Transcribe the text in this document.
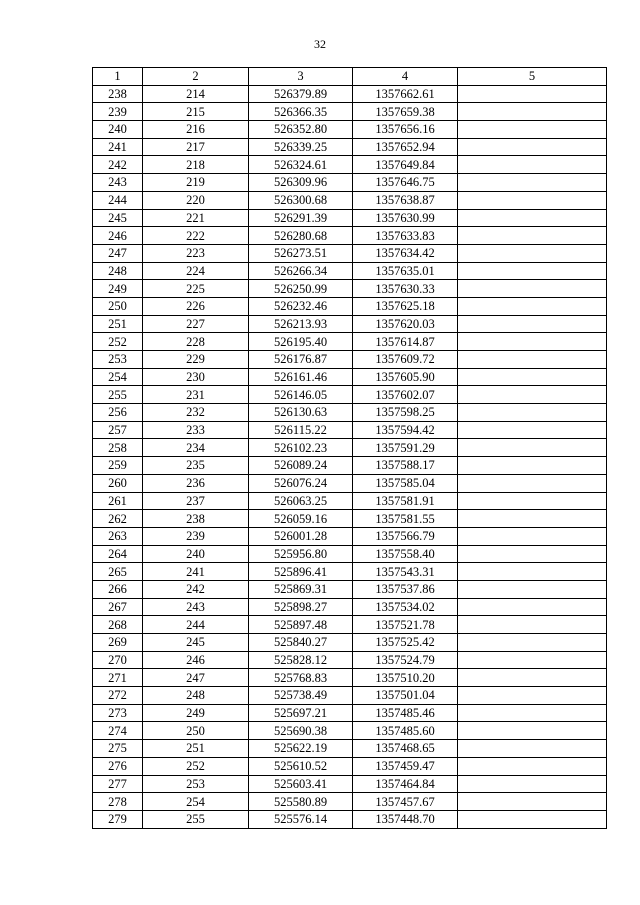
32
1	2	3	4	5
238	214	526379.89	1357662.61	
239	215	526366.35	1357659.38	
240	216	526352.80	1357656.16	
241	217	526339.25	1357652.94	
242	218	526324.61	1357649.84	
243	219	526309.96	1357646.75	
244	220	526300.68	1357638.87	
245	221	526291.39	1357630.99	
246	222	526280.68	1357633.83	
247	223	526273.51	1357634.42	
248	224	526266.34	1357635.01	
249	225	526250.99	1357630.33	
250	226	526232.46	1357625.18	
251	227	526213.93	1357620.03	
252	228	526195.40	1357614.87	
253	229	526176.87	1357609.72	
254	230	526161.46	1357605.90	
255	231	526146.05	1357602.07	
256	232	526130.63	1357598.25	
257	233	526115.22	1357594.42	
258	234	526102.23	1357591.29	
259	235	526089.24	1357588.17	
260	236	526076.24	1357585.04	
261	237	526063.25	1357581.91	
262	238	526059.16	1357581.55	
263	239	526001.28	1357566.79	
264	240	525956.80	1357558.40	
265	241	525896.41	1357543.31	
266	242	525869.31	1357537.86	
267	243	525898.27	1357534.02	
268	244	525897.48	1357521.78	
269	245	525840.27	1357525.42	
270	246	525828.12	1357524.79	
271	247	525768.83	1357510.20	
272	248	525738.49	1357501.04	
273	249	525697.21	1357485.46	
274	250	525690.38	1357485.60	
275	251	525622.19	1357468.65	
276	252	525610.52	1357459.47	
277	253	525603.41	1357464.84	
278	254	525580.89	1357457.67	
279	255	525576.14	1357448.70	
